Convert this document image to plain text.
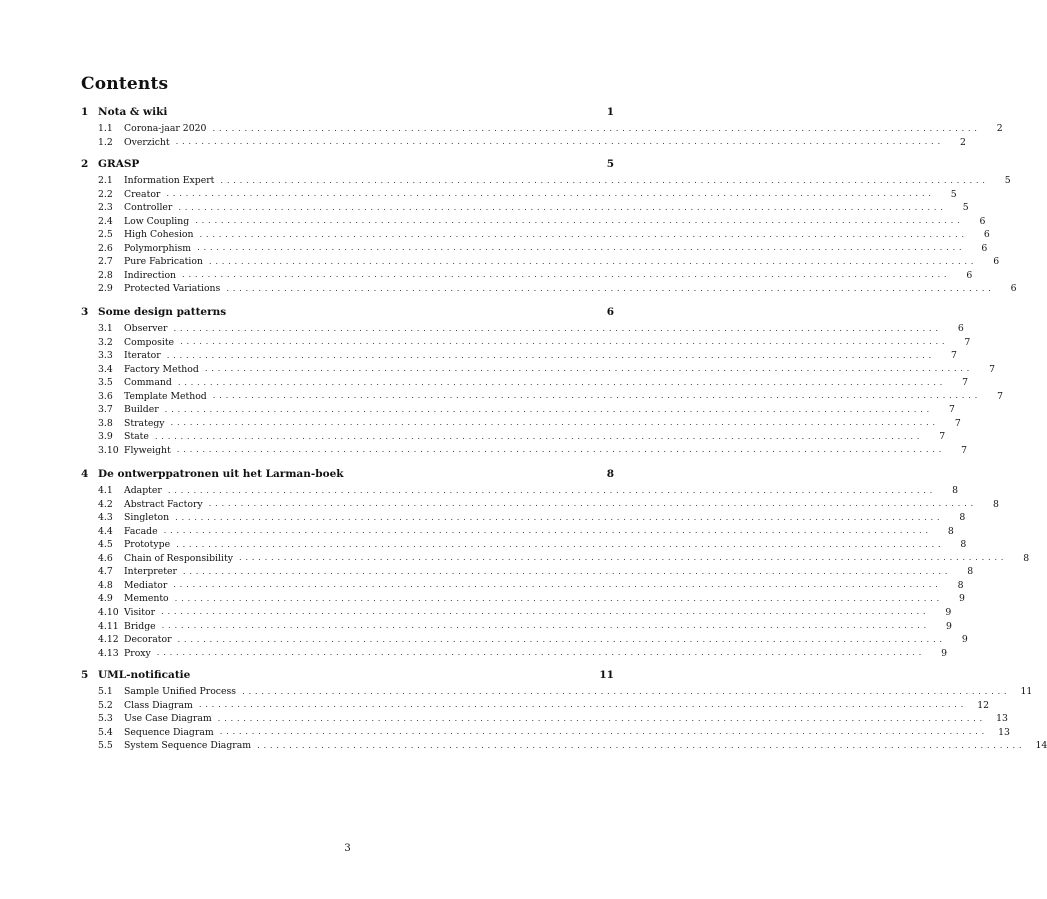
Contents
1 Nota & wiki	1
1.1	Corona-jaar 2020 ........................................................................................................................	2
1.2	Overzicht ........................................................................................................................	2
2 GRASP	5
2.1	Information Expert ........................................................................................................................	5
2.2	Creator ........................................................................................................................	5
2.3	Controller ........................................................................................................................	5
2.4	Low Coupling ........................................................................................................................	6
2.5	High Cohesion ........................................................................................................................	6
2.6	Polymorphism ........................................................................................................................	6
2.7	Pure Fabrication ........................................................................................................................	6
2.8	Indirection ........................................................................................................................	6
2.9	Protected Variations ........................................................................................................................	6
3 Some design patterns	6
3.1	Observer ........................................................................................................................	6
3.2	Composite ........................................................................................................................	7
3.3	Iterator ........................................................................................................................	7
3.4	Factory Method ........................................................................................................................	7
3.5	Command ........................................................................................................................	7
3.6	Template Method ........................................................................................................................	7
3.7	Builder ........................................................................................................................	7
3.8	Strategy ........................................................................................................................	7
3.9	State ........................................................................................................................	7
3.10 Flyweight ........................................................................................................................	7
4 De ontwerppatronen uit het Larman-boek	8
4.1	Adapter ........................................................................................................................	8
4.2	Abstract Factory ........................................................................................................................	8
4.3	Singleton ........................................................................................................................	8
4.4	Facade ........................................................................................................................	8
4.5	Prototype ........................................................................................................................	8
4.6	Chain of Responsibility ........................................................................................................................	8
4.7	Interpreter ........................................................................................................................	8
4.8	Mediator ........................................................................................................................	8
4.9	Memento ........................................................................................................................	9
4.10 Visitor ........................................................................................................................	9
4.11 Bridge ........................................................................................................................	9
4.12 Decorator ........................................................................................................................	9
4.13 Proxy ........................................................................................................................	9
5 UML-notificatie	11
5.1	Sample Unified Process ........................................................................................................................	11
5.2	Class Diagram ........................................................................................................................	12
5.3	Use Case Diagram ........................................................................................................................	13
5.4	Sequence Diagram ........................................................................................................................	13
5.5	System Sequence Diagram ........................................................................................................................	14
3
